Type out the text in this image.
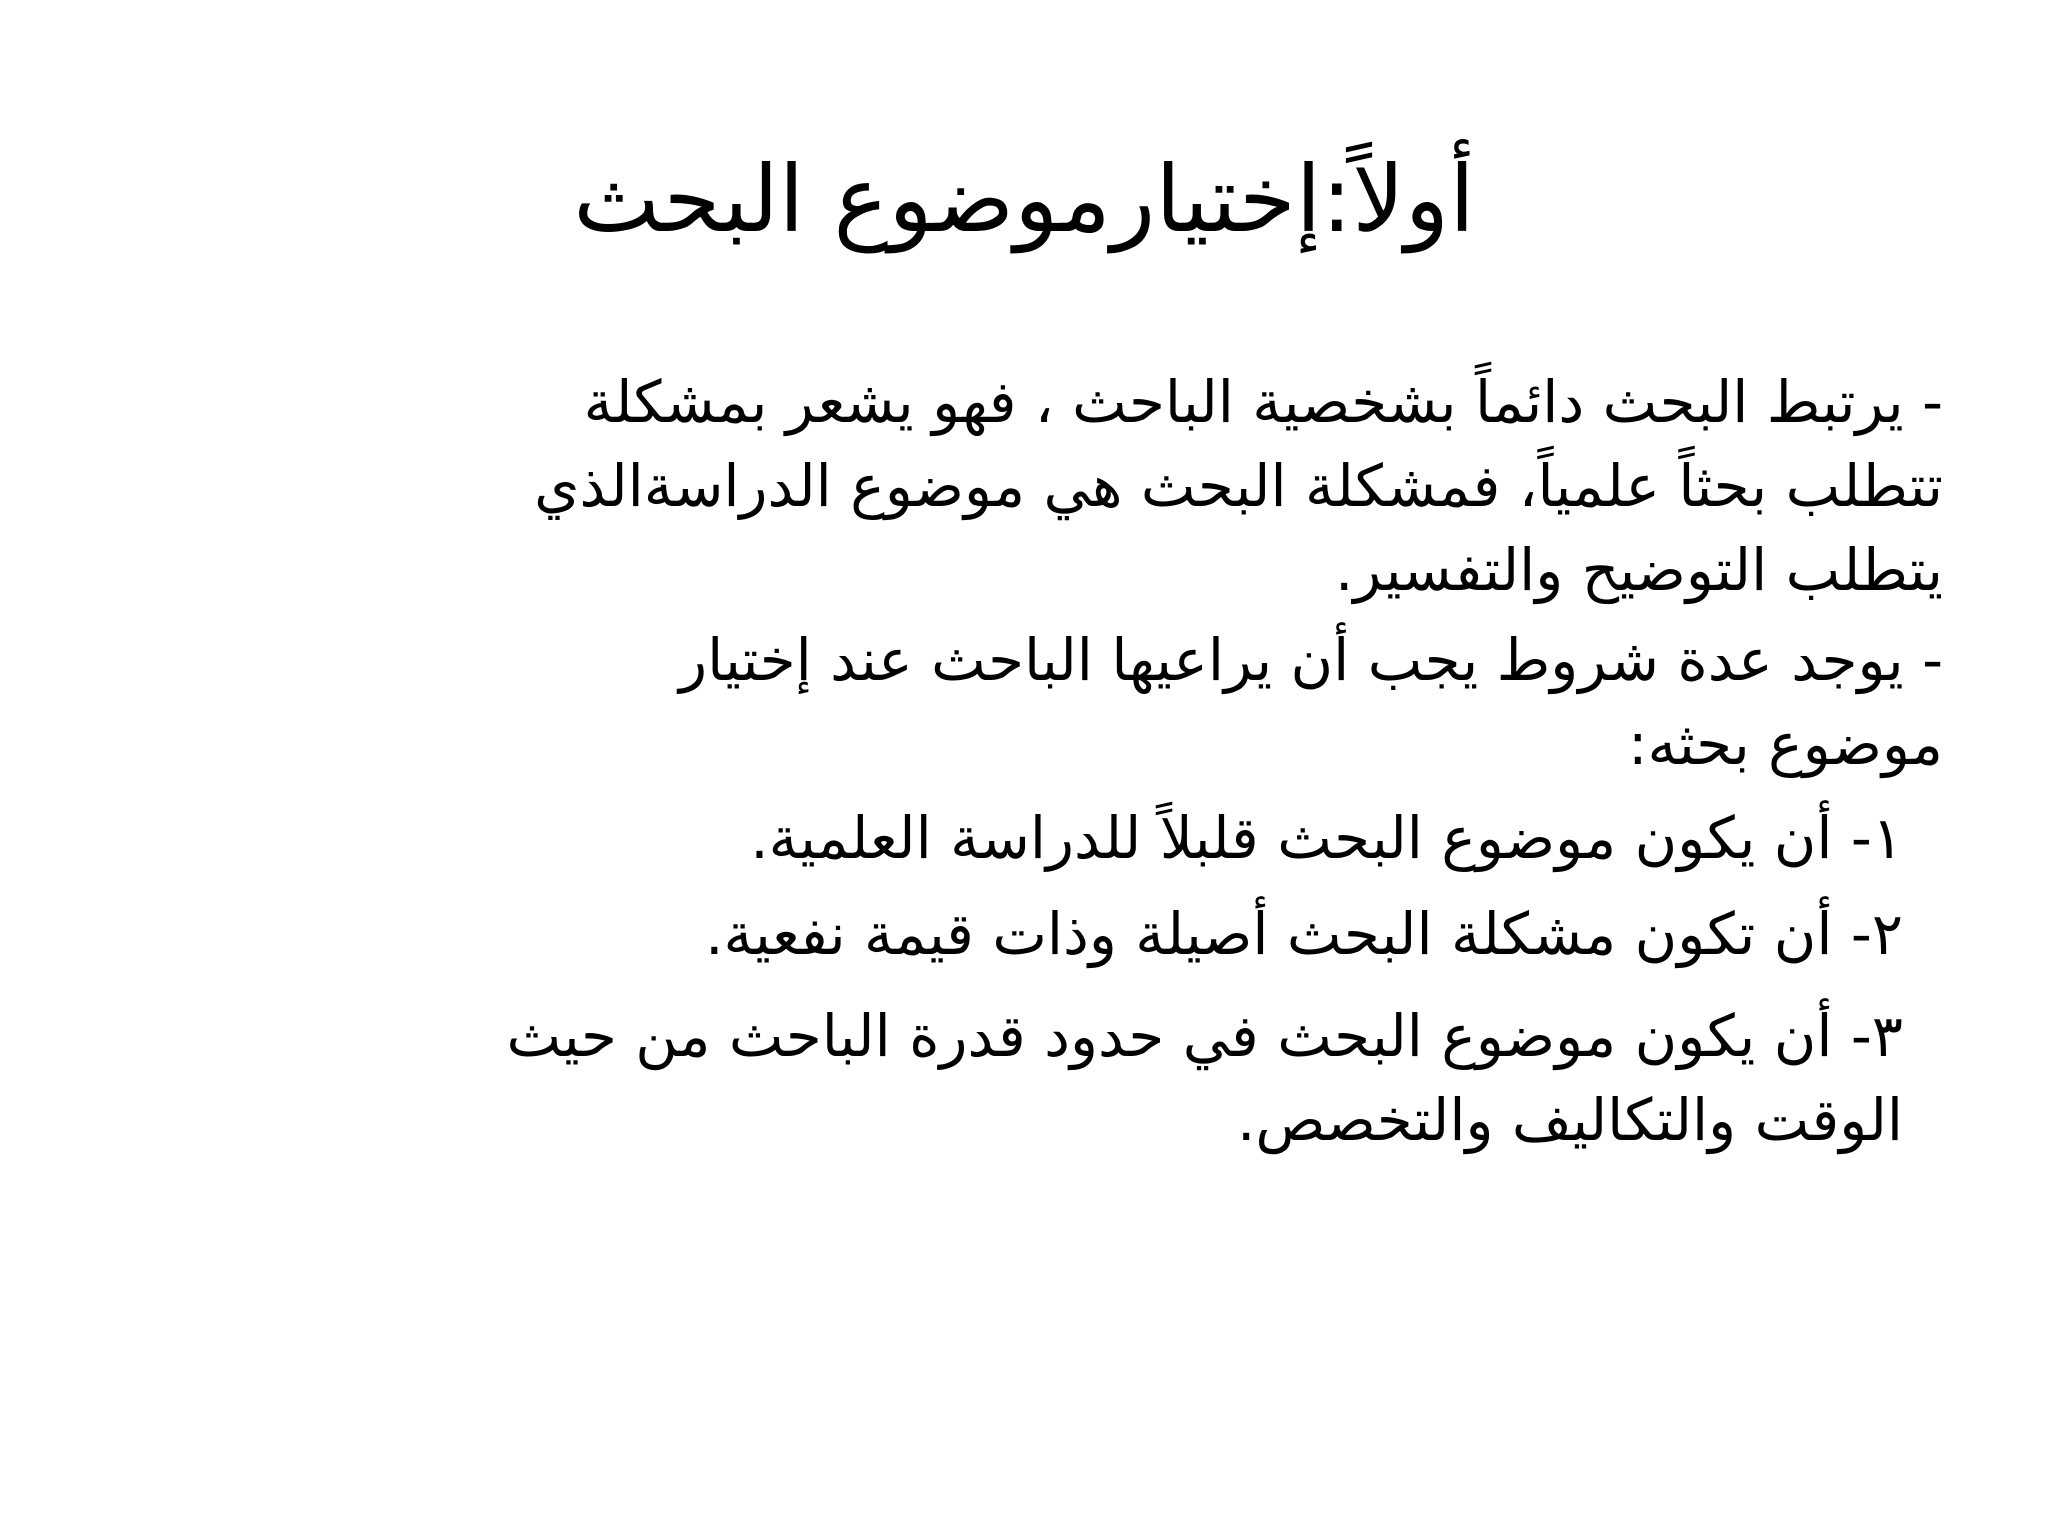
أولاً:إختيارموضوع البحث

- يرتبط البحث دائماً بشخصية الباحث ، فهو يشعر بمشكلة
تتطلب بحثاً علمياً، فمشكلة البحث هي موضوع الدراسةالذي
يتطلب التوضيح والتفسير.

- يوجد عدة شروط يجب أن يراعيها الباحث عند إختيار
موضوع بحثه:

١- أن يكون موضوع البحث قلبلاً للدراسة العلمية.

٢- أن تكون مشكلة البحث أصيلة وذات قيمة نفعية.

٣- أن يكون موضوع البحث في حدود قدرة الباحث من حيث
الوقت والتكاليف والتخصص.
